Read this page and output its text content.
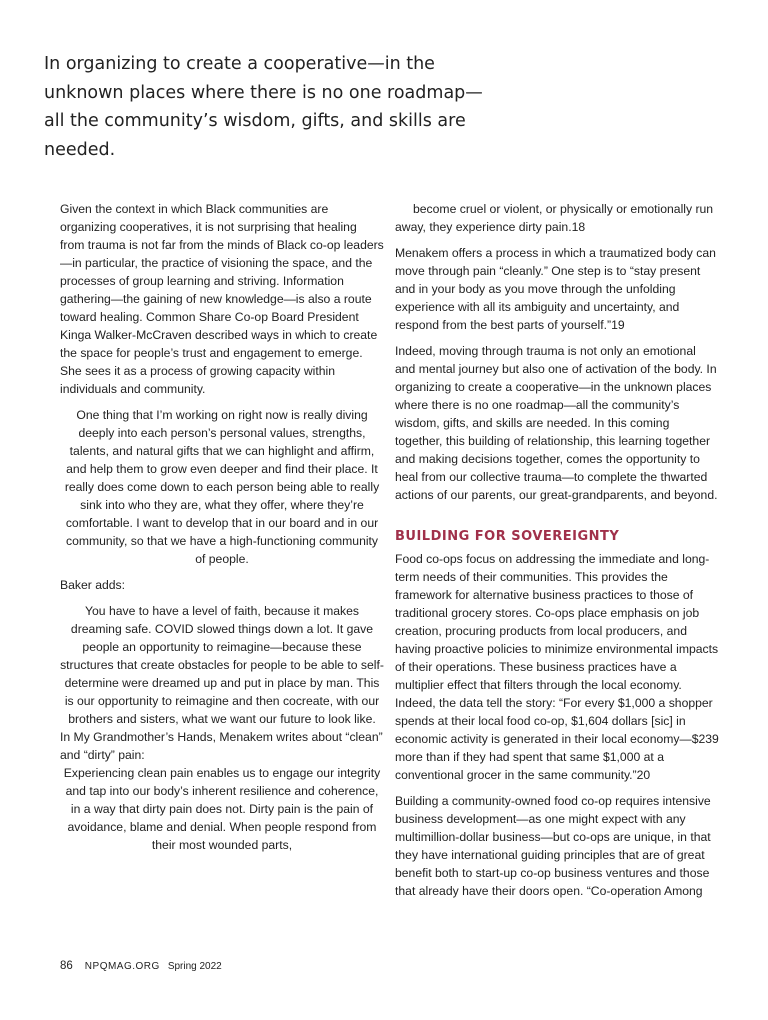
In organizing to create a cooperative—in the unknown places where there is no one roadmap—all the community’s wisdom, gifts, and skills are needed.

Given the context in which Black communities are organizing cooperatives, it is not surprising that healing from trauma is not far from the minds of Black co-op leaders—in particular, the practice of visioning the space, and the processes of group learning and striving. Information gathering—the gaining of new knowledge—is also a route toward healing. Common Share Co-op Board President Kinga Walker-McCraven described ways in which to create the space for people’s trust and engagement to emerge. She sees it as a process of growing capacity within individuals and community.

One thing that I’m working on right now is really diving deeply into each person’s personal values, strengths, talents, and natural gifts that we can highlight and affirm, and help them to grow even deeper and find their place. It really does come down to each person being able to really sink into who they are, what they offer, where they’re comfortable. I want to develop that in our board and in our community, so that we have a high-functioning community of people.

Baker adds:

You have to have a level of faith, because it makes dreaming safe. COVID slowed things down a lot. It gave people an opportunity to reimagine—because these structures that create obstacles for people to be able to self-determine were dreamed up and put in place by man. This is our opportunity to reimagine and then cocreate, with our brothers and sisters, what we want our future to look like.

In My Grandmother’s Hands, Menakem writes about “clean” and “dirty” pain:

Experiencing clean pain enables us to engage our integrity and tap into our body’s inherent resilience and coherence, in a way that dirty pain does not. Dirty pain is the pain of avoidance, blame and denial. When people respond from their most wounded parts,

become cruel or violent, or physically or emotionally run away, they experience dirty pain.18

Menakem offers a process in which a traumatized body can move through pain “cleanly.” One step is to “stay present and in your body as you move through the unfolding experience with all its ambiguity and uncertainty, and respond from the best parts of yourself.”19

Indeed, moving through trauma is not only an emotional and mental journey but also one of activation of the body. In organizing to create a cooperative—in the unknown places where there is no one roadmap—all the community’s wisdom, gifts, and skills are needed. In this coming together, this building of relationship, this learning together and making decisions together, comes the opportunity to heal from our collective trauma—to complete the thwarted actions of our parents, our great-grandparents, and beyond.

BUILDING FOR SOVEREIGNTY

Food co-ops focus on addressing the immediate and long-term needs of their communities. This provides the framework for alternative business practices to those of traditional grocery stores. Co-ops place emphasis on job creation, procuring products from local producers, and having proactive policies to minimize environmental impacts of their operations. These business practices have a multiplier effect that filters through the local economy. Indeed, the data tell the story: “For every $1,000 a shopper spends at their local food co-op, $1,604 dollars [sic] in economic activity is generated in their local economy—$239 more than if they had spent that same $1,000 at a conventional grocer in the same community.”20

Building a community-owned food co-op requires intensive business development—as one might expect with any multimillion-dollar business—but co-ops are unique, in that they have international guiding principles that are of great benefit both to start-up co-op business ventures and those that already have their doors open. “Co-operation Among

86 NPQMAG.ORG Spring 2022
